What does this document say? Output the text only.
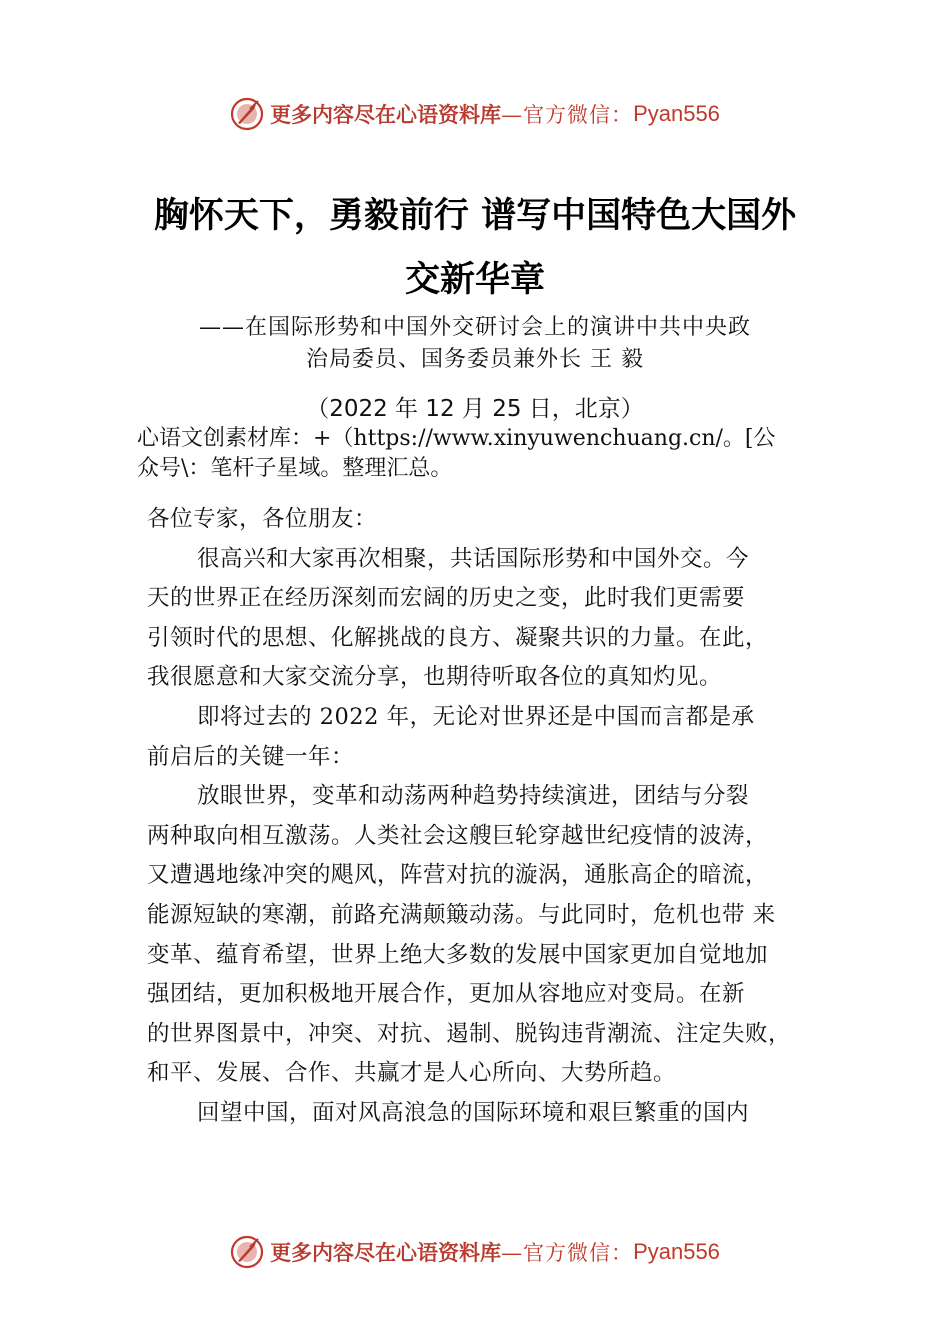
更多内容尽在心语资料库 —官方微信： Pyan556
胸怀天下，勇毅前行 谱写中国特色大国外
交新华章
——在国际形势和中国外交研讨会上的演讲中共中央政
治局委员、国务委员兼外长 王 毅
（2022 年 12 月 25 日，北京）
心语文创素材库：+（https://www.xinyuwenchuang.cn/。[公
众号\：笔杆子星域。整理汇总。
各位专家，各位朋友：
很高兴和大家再次相聚，共话国际形势和中国外交。今
天的世界正在经历深刻而宏阔的历史之变，此时我们更需要
引领时代的思想、化解挑战的良方、凝聚共识的力量。在此，
我很愿意和大家交流分享，也期待听取各位的真知灼见。
即将过去的 2022 年，无论对世界还是中国而言都是承
前启后的关键一年：
放眼世界，变革和动荡两种趋势持续演进，团结与分裂
两种取向相互激荡。人类社会这艘巨轮穿越世纪疫情的波涛，
又遭遇地缘冲突的飓风，阵营对抗的漩涡，通胀高企的暗流，
能源短缺的寒潮，前路充满颠簸动荡。与此同时，危机也带 来
变革、蕴育希望，世界上绝大多数的发展中国家更加自觉地加
强团结，更加积极地开展合作，更加从容地应对变局。在新
的世界图景中，冲突、对抗、遏制、脱钩违背潮流、注定失败，
和平、发展、合作、共赢才是人心所向、大势所趋。
回望中国，面对风高浪急的国际环境和艰巨繁重的国内
更多内容尽在心语资料库 —官方微信： Pyan556
